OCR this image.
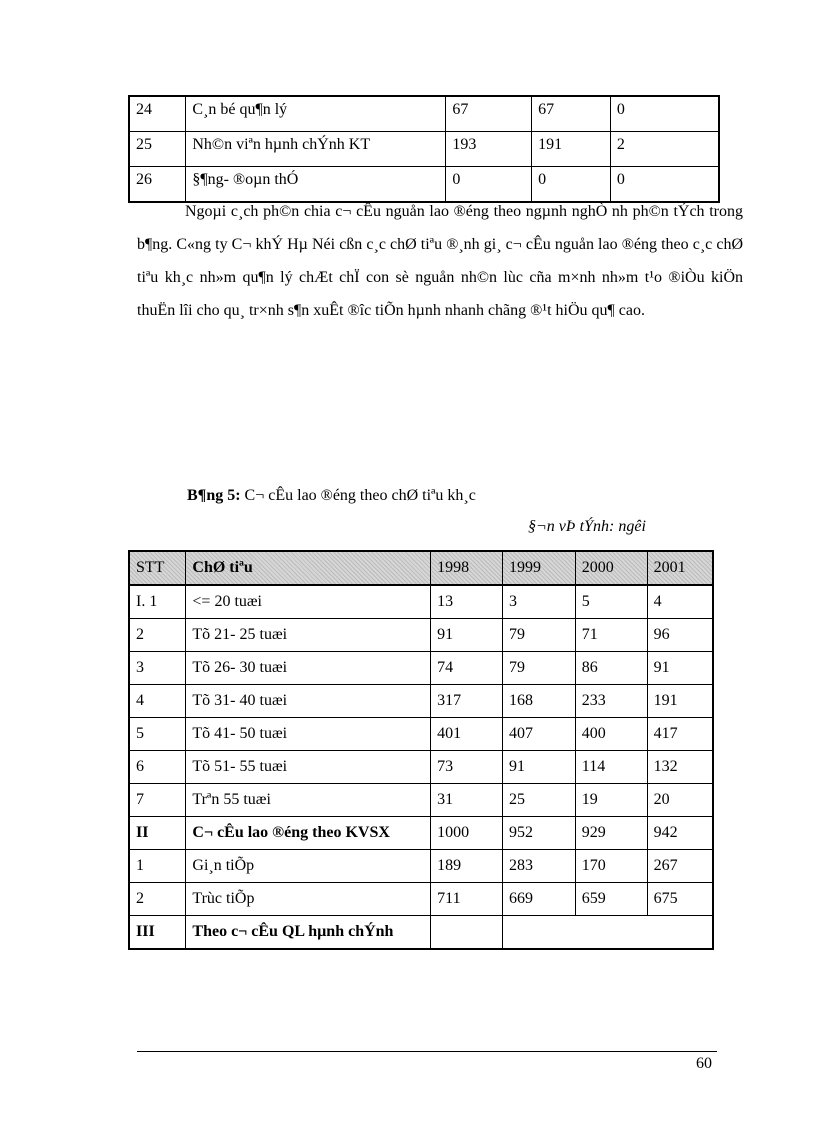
24	C¸n bé qu¶n lý	67	67	0
25	Nh©n viªn hµnh chÝnh KT	193	191	2
26	§¶ng- ®oµn thÓ	0	0	0
Ngoµi c¸ch ph©n chia c¬ cÊu nguån lao ®éng theo ngµnh nghÒ nh ph©n tÝch trong b¶ng. C«ng ty C¬ khÝ Hµ Néi cßn c¸c chØ tiªu ®¸nh gi¸ c¬ cÊu nguån lao ®éng theo c¸c chØ tiªu kh¸c nh»m qu¶n lý chÆt chÏ con sè nguån nh©n lùc cña m×nh nh»m t¹o ®iÒu kiÖn thuËn lîi cho qu¸ tr×nh s¶n xuÊt ®îc tiÕn hµnh nhanh chãng ®¹t hiÖu qu¶ cao.
B¶ng 5: C¬ cÊu lao ®éng theo chØ tiªu kh¸c
§¬n vÞ tÝnh: ngêi
STT	ChØ tiªu	1998	1999	2000	2001
I. 1	<= 20 tuæi	13	3	5	4
2	Tõ 21- 25 tuæi	91	79	71	96
3	Tõ 26- 30 tuæi	74	79	86	91
4	Tõ 31- 40 tuæi	317	168	233	191
5	Tõ 41- 50 tuæi	401	407	400	417
6	Tõ 51- 55 tuæi	73	91	114	132
7	Trªn 55 tuæi	31	25	19	20
II	C¬ cÊu lao ®éng theo KVSX	1000	952	929	942
1	Gi¸n tiÕp	189	283	170	267
2	Trùc tiÕp	711	669	659	675
III	Theo c¬ cÊu QL hµnh chÝnh				
60
